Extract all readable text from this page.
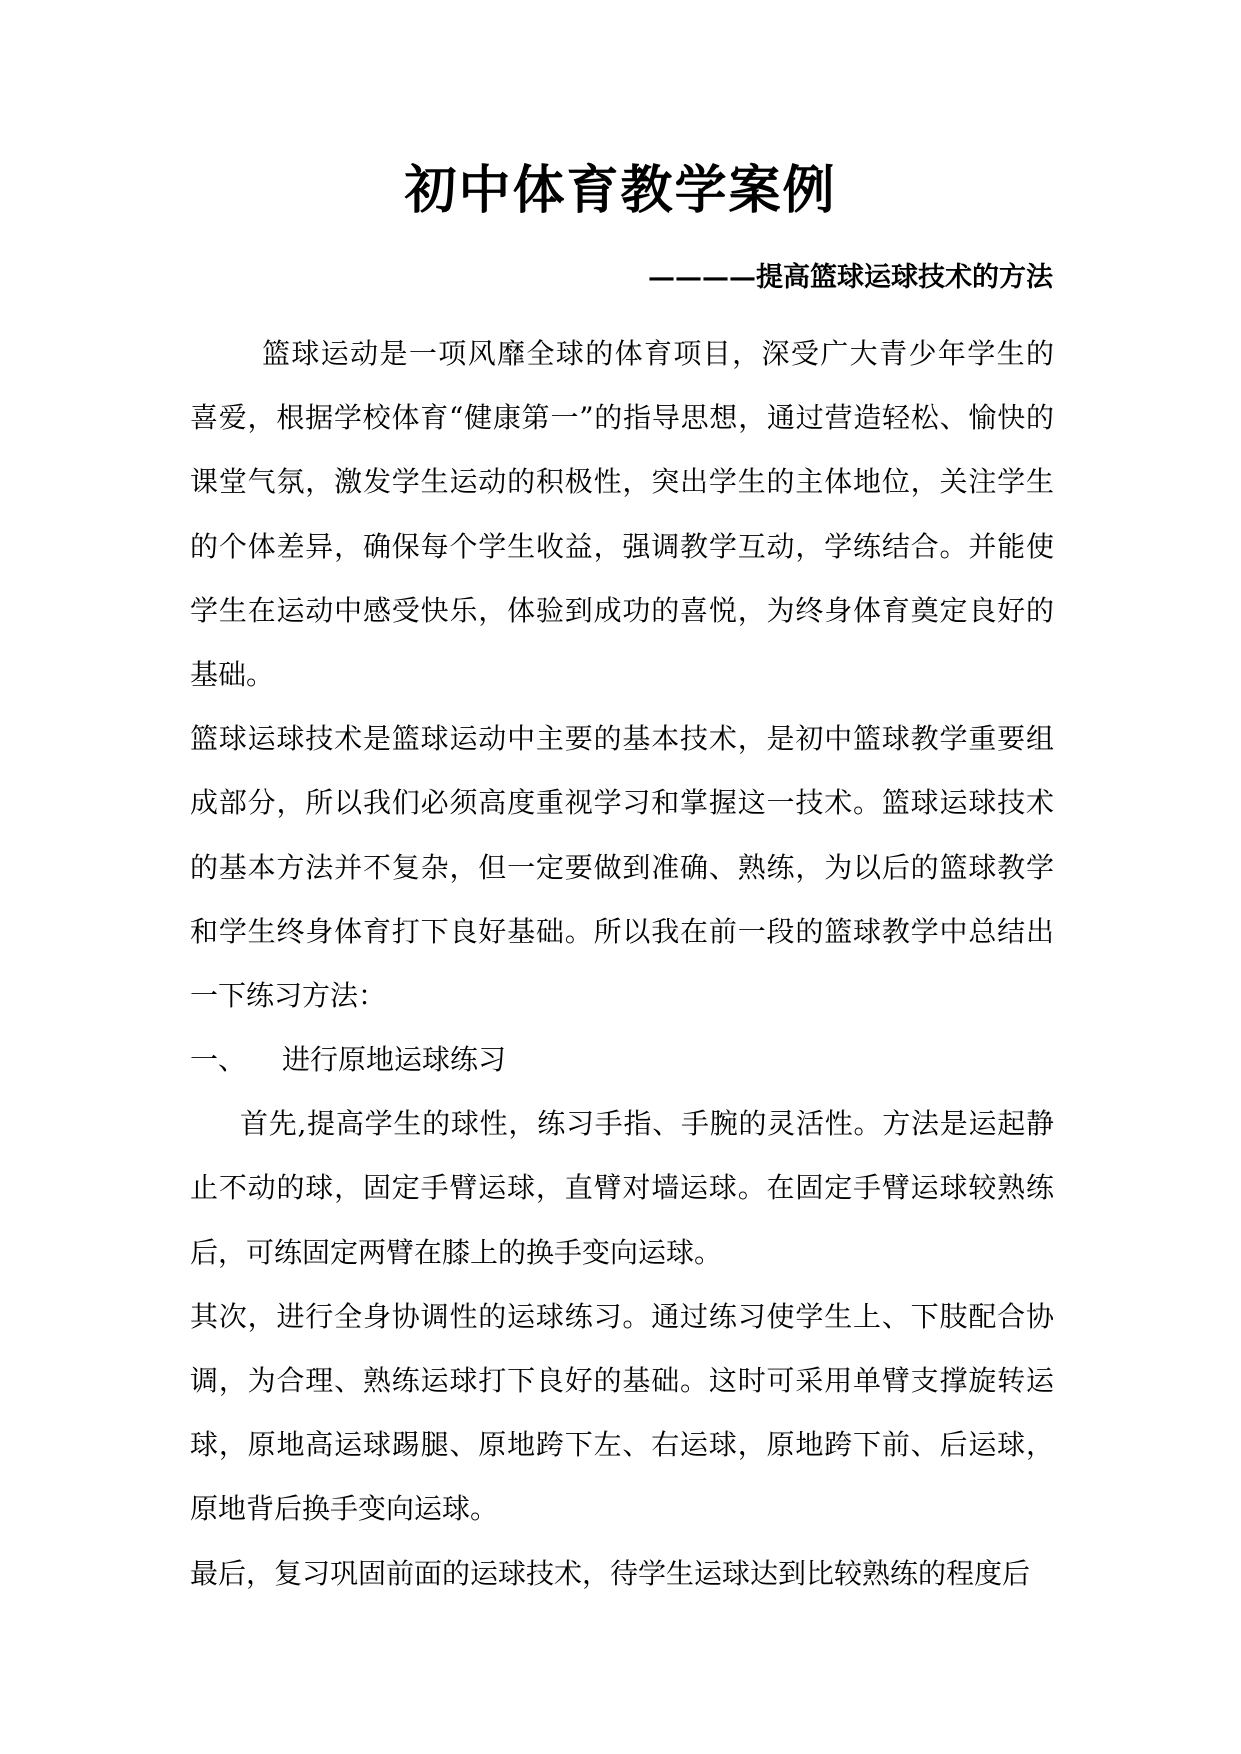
初中体育教学案例
————提高篮球运球技术的方法
篮球运动是一项风靡全球的体育项目，深受广大青少年学生的
喜爱，根据学校体育“健康第一”的指导思想，通过营造轻松、愉快的
课堂气氛，激发学生运动的积极性，突出学生的主体地位，关注学生
的个体差异，确保每个学生收益，强调教学互动，学练结合。并能使
学生在运动中感受快乐，体验到成功的喜悦，为终身体育奠定良好的
基础。
篮球运球技术是篮球运动中主要的基本技术，是初中篮球教学重要组
成部分，所以我们必须高度重视学习和掌握这一技术。篮球运球技术
的基本方法并不复杂，但一定要做到准确、熟练，为以后的篮球教学
和学生终身体育打下良好基础。所以我在前一段的篮球教学中总结出
一下练习方法：
一、 进行原地运球练习
首先,提高学生的球性，练习手指、手腕的灵活性。方法是运起静
止不动的球，固定手臂运球，直臂对墙运球。在固定手臂运球较熟练
后，可练固定两臂在膝上的换手变向运球。
其次，进行全身协调性的运球练习。通过练习使学生上、下肢配合协
调，为合理、熟练运球打下良好的基础。这时可采用单臂支撑旋转运
球，原地高运球踢腿、原地跨下左、右运球，原地跨下前、后运球，
原地背后换手变向运球。
最后，复习巩固前面的运球技术，待学生运球达到比较熟练的程度后
